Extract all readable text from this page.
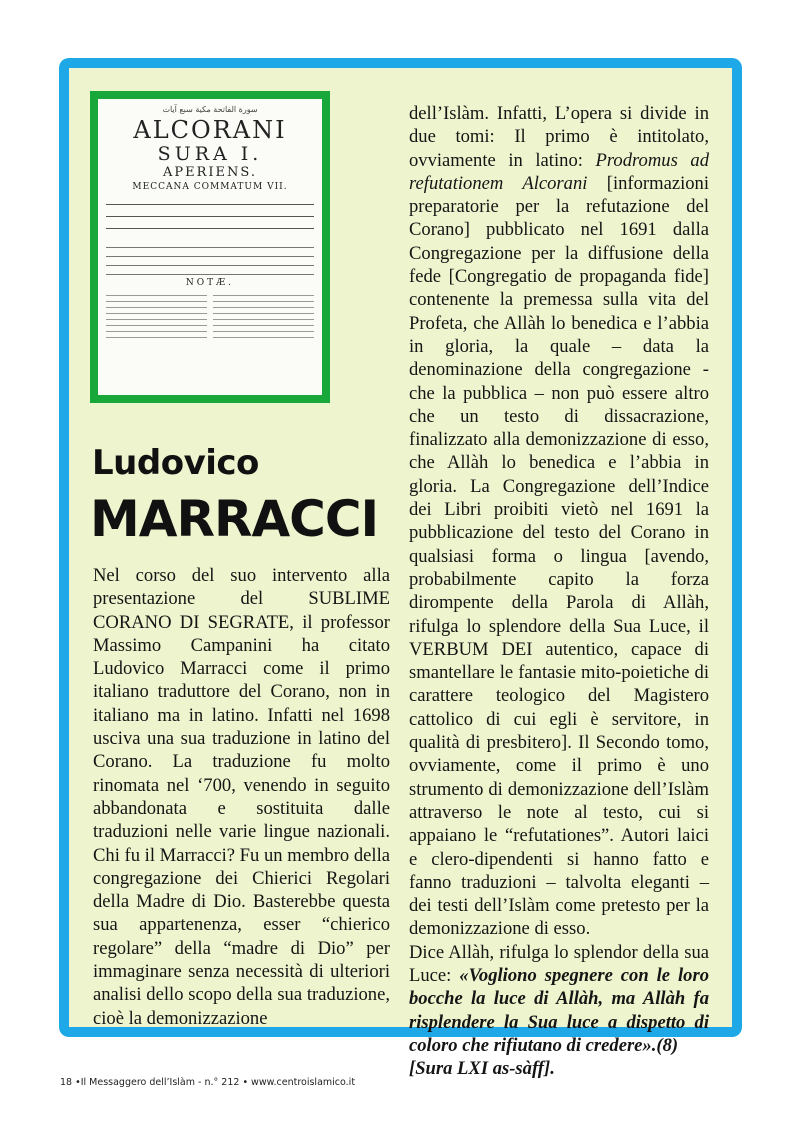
سورة الفاتحة مكية سبع آيات
ALCORANI
SURA I.
APERIENS.
MECCANA COMMATUM VII.
NOTÆ.
Ludovico
MARRACCI

Nel corso del suo intervento alla presentazione del SUBLIME CORANO DI SEGRATE, il professor Massimo Campanini ha citato Ludovico Marracci come il primo italiano traduttore del Corano, non in italiano ma in latino. Infatti nel 1698 usciva una sua traduzione in latino del Corano. La traduzione fu molto rinomata nel ‘700, venendo in seguito abbandonata e sostituita dalle traduzioni nelle varie lingue nazionali. Chi fu il Marracci? Fu un membro della congregazione dei Chierici Regolari della Madre di Dio. Basterebbe questa sua appartenenza, esser “chierico regolare” della “madre di Dio” per immaginare senza necessità di ulteriori analisi dello scopo della sua traduzione, cioè la demonizzazione

dell’Islàm. Infatti, L’opera si divide in due tomi: Il primo è intitolato, ovviamente in latino: Prodromus ad refutationem Alcorani [informazioni preparatorie per la refutazione del Corano] pubblicato nel 1691 dalla Congregazione per la diffusione della fede [Congregatio de propaganda fide] contenente la premessa sulla vita del Profeta, che Allàh lo benedica e l’abbia in gloria, la quale – data la denominazione della congregazione - che la pubblica – non può essere altro che un testo di dissacrazione, finalizzato alla demonizzazione di esso, che Allàh lo benedica e l’abbia in gloria. La Congregazione dell’Indice dei Libri proibiti vietò nel 1691 la pubblicazione del testo del Corano in qualsiasi forma o lingua [avendo, probabilmente capito la forza dirompente della Parola di Allàh, rifulga lo splendore della Sua Luce, il VERBUM DEI autentico, capace di smantellare le fantasie mito-poietiche di carattere teologico del Magistero cattolico di cui egli è servitore, in qualità di presbitero]. Il Secondo tomo, ovviamente, come il primo è uno strumento di demonizzazione dell’Islàm attraverso le note al testo, cui si appaiano le “refutationes”. Autori laici e clero-dipendenti si hanno fatto e fanno traduzioni – talvolta eleganti – dei testi dell’Islàm come pretesto per la demonizzazione di esso.

Dice Allàh, rifulga lo splendor della sua Luce: «Vogliono spegnere con le loro bocche la luce di Allàh, ma Allàh fa risplendere la Sua luce a dispetto di coloro che rifiutano di credere».(8)
[Sura LXI as-sàff].

18 •Il Messaggero dell’Islàm - n.° 212 • www.centroislamico.it
